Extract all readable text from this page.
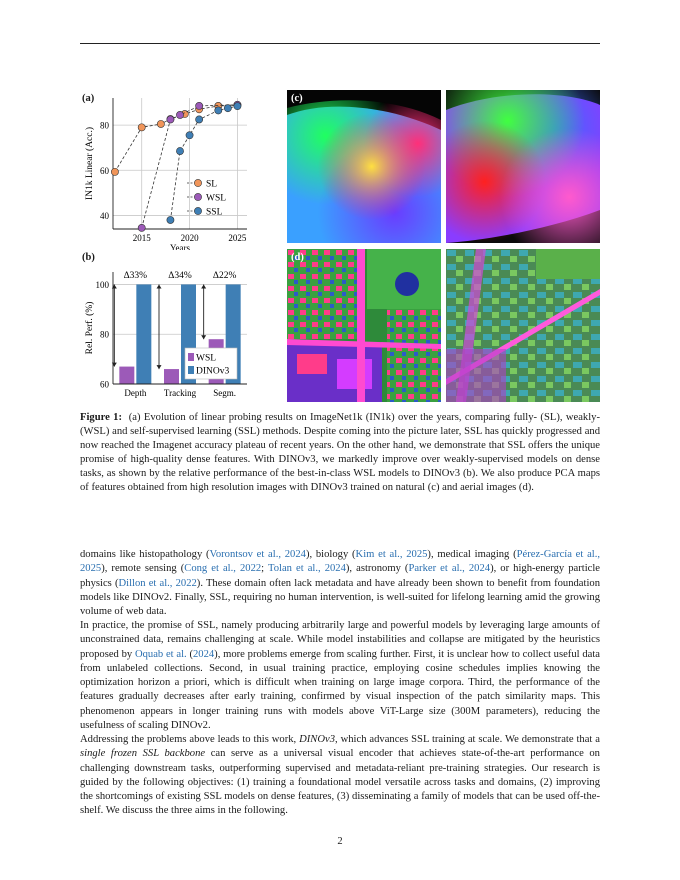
(a)
40
60
80
2015	2020	2025
Years
IN1k Linear (Acc.)	SL
WSL
SSL
(b)
60
80
100
Rel. Perf. (%)
Δ33%
Depth
Δ34%
Tracking
Δ22%
Segm.
WSL
DINOv3
(c)
(d)
Figure 1: (a) Evolution of linear probing results on ImageNet1k (IN1k) over the years, comparing fully- (SL), weakly- (WSL) and self-supervised learning (SSL) methods. Despite coming into the picture later, SSL has quickly progressed and now reached the Imagenet accuracy plateau of recent years. On the other hand, we demonstrate that SSL offers the unique promise of high-quality dense features. With DINOv3, we markedly improve over weakly-supervised models on dense tasks, as shown by the relative performance of the best-in-class WSL models to DINOv3 (b). We also produce PCA maps of features obtained from high resolution images with DINOv3 trained on natural (c) and aerial images (d).
domains like histopathology (Vorontsov et al., 2024), biology (Kim et al., 2025), medical imaging (Pérez-García et al., 2025), remote sensing (Cong et al., 2022; Tolan et al., 2024), astronomy (Parker et al., 2024), or high-energy particle physics (Dillon et al., 2022). These domain often lack metadata and have already been shown to benefit from foundation models like DINOv2. Finally, SSL, requiring no human intervention, is well-suited for lifelong learning amid the growing volume of web data.
In practice, the promise of SSL, namely producing arbitrarily large and powerful models by leveraging large amounts of unconstrained data, remains challenging at scale. While model instabilities and collapse are mitigated by the heuristics proposed by Oquab et al. (2024), more problems emerge from scaling further. First, it is unclear how to collect useful data from unlabeled collections. Second, in usual training practice, employing cosine schedules implies knowing the optimization horizon a priori, which is difficult when training on large image corpora. Third, the performance of the features gradually decreases after early training, confirmed by visual inspection of the patch similarity maps. This phenomenon appears in longer training runs with models above ViT-Large size (300M parameters), reducing the usefulness of scaling DINOv2.
Addressing the problems above leads to this work, DINOv3, which advances SSL training at scale. We demonstrate that a single frozen SSL backbone can serve as a universal visual encoder that achieves state-of-the-art performance on challenging downstream tasks, outperforming supervised and metadata-reliant pre-training strategies. Our research is guided by the following objectives: (1) training a foundational model versatile across tasks and domains, (2) improving the shortcomings of existing SSL models on dense features, (3) disseminating a family of models that can be used off-the-shelf. We discuss the three aims in the following.
2
